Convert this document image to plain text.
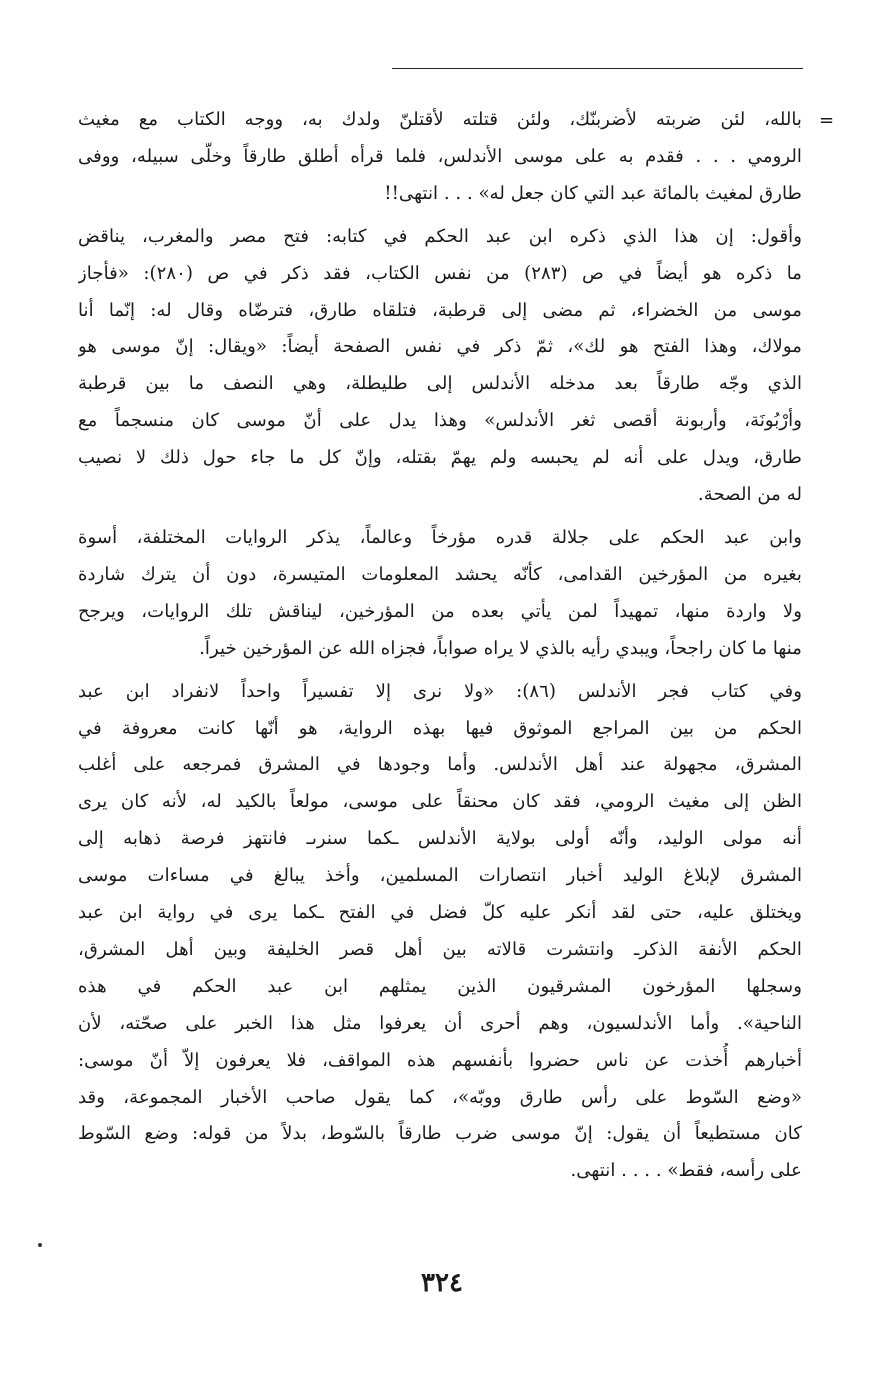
=
بالله، لئن ضربته لأضربنّك، ولئن قتلته لأقتلنّ ولدك به، ووجه الكتاب مع مغيث
الرومي . . . فقدم به على موسى الأندلس، فلما قرأه أطلق طارقاً وخلّى سبيله، ووفى
طارق لمغيث بالمائة عبد التي كان جعل له» . . . انتهى!!
وأقول: إن هذا الذي ذكره ابن عبد الحكم في كتابه: فتح مصر والمغرب، يناقض
ما ذكره هو أيضاً في ص (٢٨٣) من نفس الكتاب، فقد ذكر في ص (٢٨٠): «فأجاز
موسى من الخضراء، ثم مضى إلى قرطبة، فتلقاه طارق، فترضّاه وقال له: إنّما أنا
مولاك، وهذا الفتح هو لك»، ثمّ ذكر في نفس الصفحة أيضاً: «ويقال: إنّ موسى هو
الذي وجّه طارقاً بعد مدخله الأندلس إلى طليطلة، وهي النصف ما بين قرطبة
وأرْبُونَة، وأربونة أقصى ثغر الأندلس» وهذا يدل على أنّ موسى كان منسجماً مع
طارق، ويدل على أنه لم يحبسه ولم يهمّ بقتله، وإنّ كل ما جاء حول ذلك لا نصيب
له من الصحة.
وابن عبد الحكم على جلالة قدره مؤرخاً وعالماً، يذكر الروايات المختلفة، أسوة
بغيره من المؤرخين القدامى، كأنّه يحشد المعلومات المتيسرة، دون أن يترك شاردة
ولا واردة منها، تمهيداً لمن يأتي بعده من المؤرخين، ليناقش تلك الروايات، ويرجح
منها ما كان راجحاً، ويبدي رأيه بالذي لا يراه صواباً، فجزاه الله عن المؤرخين خيراً.
وفي كتاب فجر الأندلس (٨٦): «ولا نرى إلا تفسيراً واحداً لانفراد ابن عبد
الحكم من بين المراجع الموثوق فيها بهذه الرواية، هو أنّها كانت معروفة في
المشرق، مجهولة عند أهل الأندلس. وأما وجودها في المشرق فمرجعه على أغلب
الظن إلى مغيث الرومي، فقد كان محنقاً على موسى، مولعاً بالكيد له، لأنه كان يرى
أنه مولى الوليد، وأنّه أولى بولاية الأندلس ـكما سنرىـ فانتهز فرصة ذهابه إلى
المشرق لإبلاغ الوليد أخبار انتصارات المسلمين، وأخذ يبالغ في مساءات موسى
ويختلق عليه، حتى لقد أنكر عليه كلّ فضل في الفتح ـكما يرى في رواية ابن عبد
الحكم الأنفة الذكرـ وانتشرت قالاته بين أهل قصر الخليفة وبين أهل المشرق،
وسجلها المؤرخون المشرقيون الذين يمثلهم ابن عبد الحكم في هذه
الناحية». وأما الأندلسيون، وهم أحرى أن يعرفوا مثل هذا الخبر على صحّته، لأن
أخبارهم أُخذت عن ناس حضروا بأنفسهم هذه المواقف، فلا يعرفون إلاّ أنّ موسى:
«وضع السّوط على رأس طارق ووبّه»، كما يقول صاحب الأخبار المجموعة، وقد
كان مستطيعاً أن يقول: إنّ موسى ضرب طارقاً بالسّوط، بدلاً من قوله: وضع السّوط
على رأسه، فقط» . . . . انتهى.
٣٢٤
